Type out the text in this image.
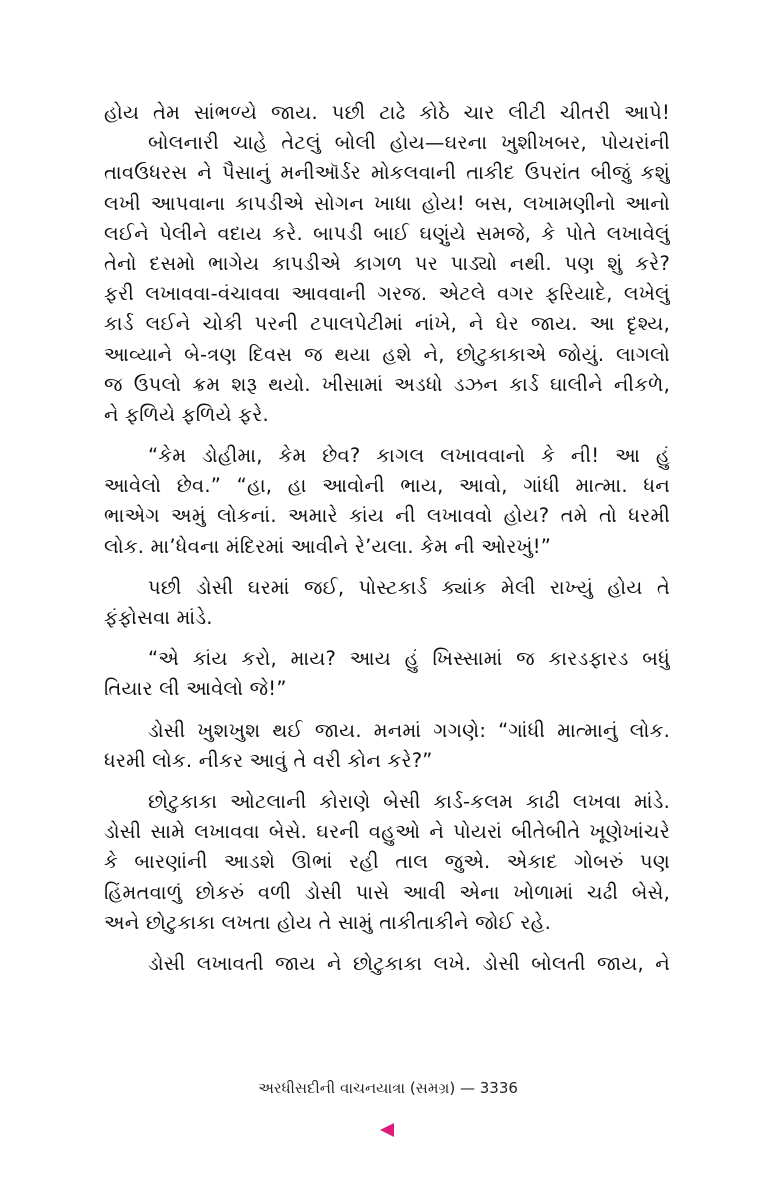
હોય તેમ સાંભળ્યે જાય. પછી ટાઢે કોઠે ચાર લીટી ચીતરી આપે!
બોલનારી ચાહે તેટલું બોલી હોય—ઘરના ખુશીખબર, પોયરાંની
તાવઉધરસ ને પૈસાનું મનીઑર્ડર મોકલવાની તાકીદ ઉપરાંત બીજું કશું
લખી આપવાના કાપડીએ સોગન ખાધા હોય! બસ, લખામણીનો આનો
લઈને પેલીને વદાય કરે. બાપડી બાઈ ઘણુંયે સમજે, કે પોતે લખાવેલું
તેનો દસમો ભાગેય કાપડીએ કાગળ પર પાડ્યો નથી. પણ શું કરે?
ફરી લખાવવા-વંચાવવા આવવાની ગરજ. એટલે વગર ફરિયાદે, લખેલું
કાર્ડ લઈને ચોકી પરની ટપાલપેટીમાં નાંખે, ને ઘેર જાય. આ દૃશ્ય,
આવ્યાને બે-ત્રણ દિવસ જ થયા હશે ને, છોટુકાકાએ જોયું. લાગલો
જ ઉપલો ક્રમ શરૂ થયો. ખીસામાં અડધો ડઝન કાર્ડ ઘાલીને નીકળે,
ને ફળિયે ફળિયે ફરે.
“કેમ ડોહીમા, કેમ છેવ? કાગલ લખાવવાનો કે ની! આ હું
આવેલો છેવ.” “હા, હા આવોની ભાય, આવો, ગાંધી માત્મા. ધન
ભાએગ અમું લોકનાં. અમારે કાંય ની લખાવવો હોય? તમે તો ધરમી
લોક. મા’ધેવના મંદિરમાં આવીને રે’યલા. કેમ ની ઓરખું!”
પછી ડોસી ઘરમાં જઈ, પોસ્ટકાર્ડ ક્યાંક મેલી રાખ્યું હોય તે
ફંફોસવા માંડે.
“એ કાંય કરો, માય? આય હું ખિસ્સામાં જ કારડફારડ બધું
તિયાર લી આવેલો જે!”
ડોસી ખુશખુશ થઈ જાય. મનમાં ગગણે: “ગાંધી માત્માનું લોક.
ધરમી લોક. નીકર આવું તે વરી કોન કરે?”
છોટુકાકા ઓટલાની કોરાણે બેસી કાર્ડ-કલમ કાઢી લખવા માંડે.
ડોસી સામે લખાવવા બેસે. ઘરની વહુઓ ને પોયરાં બીતેબીતે ખૂણેખાંચરે
કે બારણાંની આડશે ઊભાં રહી તાલ જુએ. એકાદ ગોબરું પણ
હિંમતવાળું છોકરું વળી ડોસી પાસે આવી એના ખોળામાં ચઢી બેસે,
અને છોટુકાકા લખતા હોય તે સામું તાકીતાકીને જોઈ રહે.
ડોસી લખાવતી જાય ને છોટુકાકા લખે. ડોસી બોલતી જાય, ને
અરધીસદીની વાચનયાત્રા (સમગ્ર) — 3336
